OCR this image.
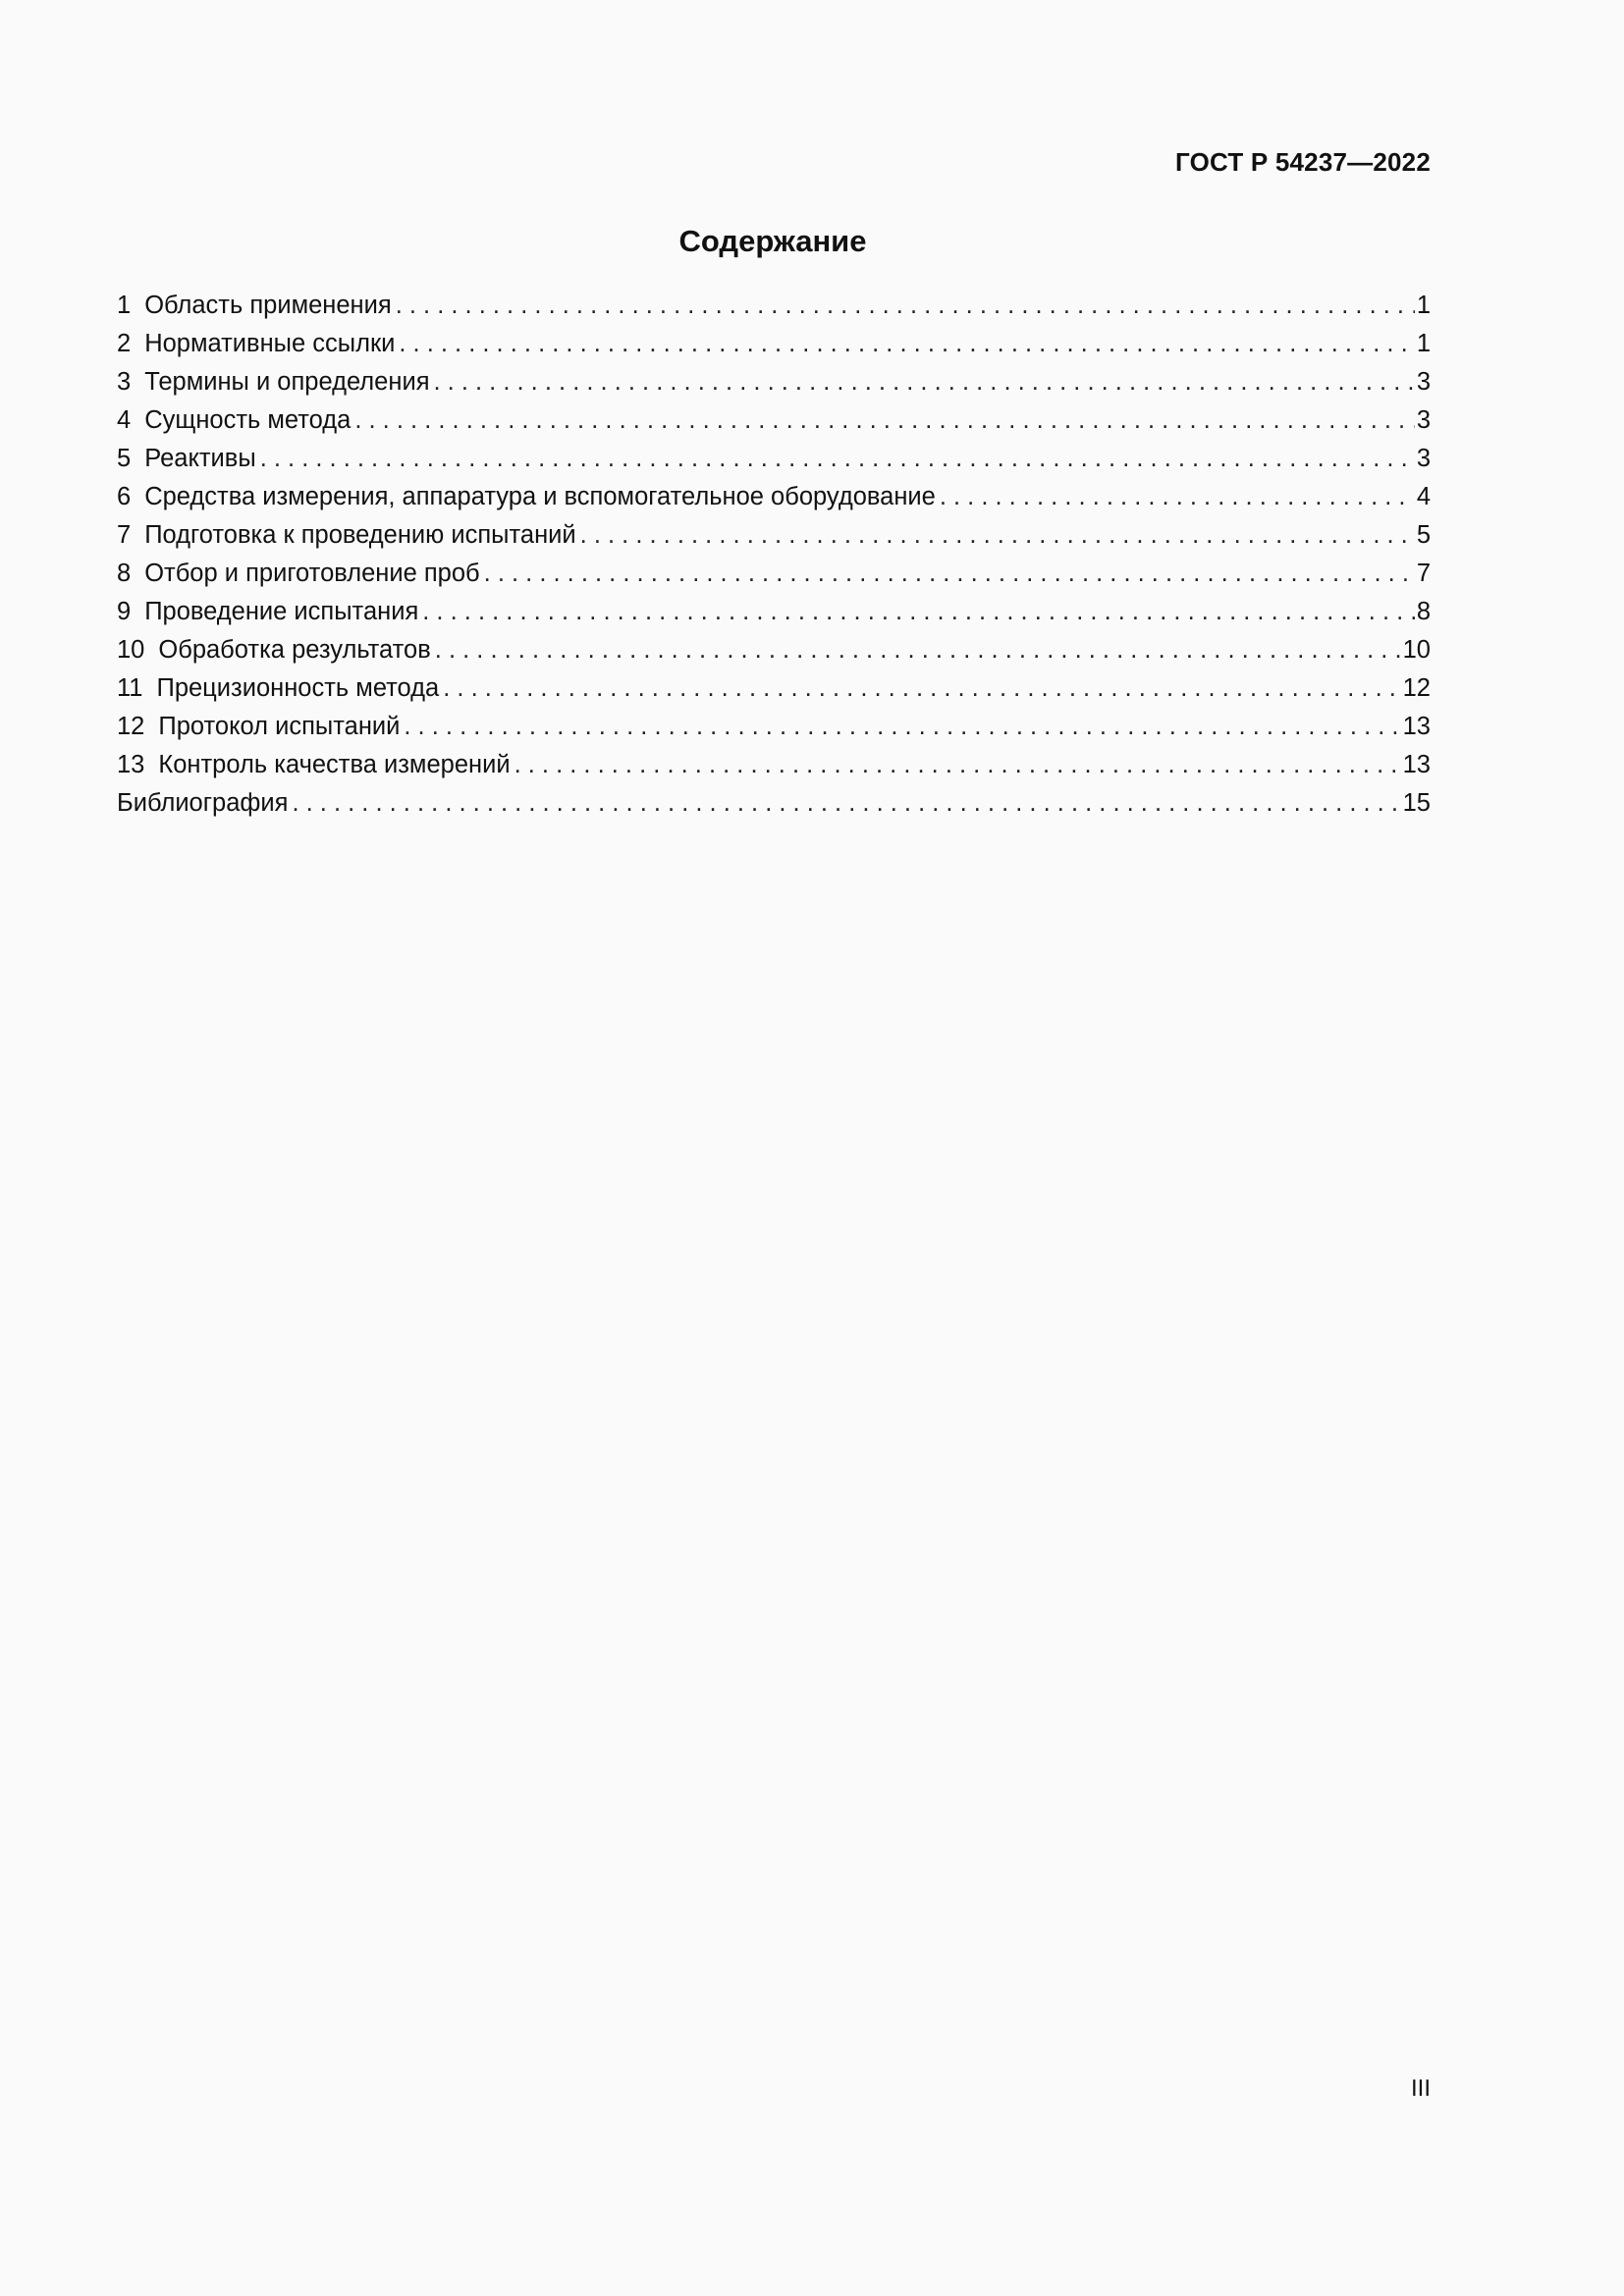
ГОСТ Р 54237—2022
Содержание
1 Область применения . . .	1
2 Нормативные ссылки . . .	1
3 Термины и определения . . .	3
4 Сущность метода . . .	3
5 Реактивы . . .	3
6 Средства измерения, аппаратура и вспомогательное оборудование . . .	4
7 Подготовка к проведению испытаний . . .	5
8 Отбор и приготовление проб . . .	7
9 Проведение испытания . . .	8
10 Обработка результатов . . .	10
11 Прецизионность метода . . .	12
12 Протокол испытаний . . .	13
13 Контроль качества измерений . . .	13
Библиография . . .	15
III
